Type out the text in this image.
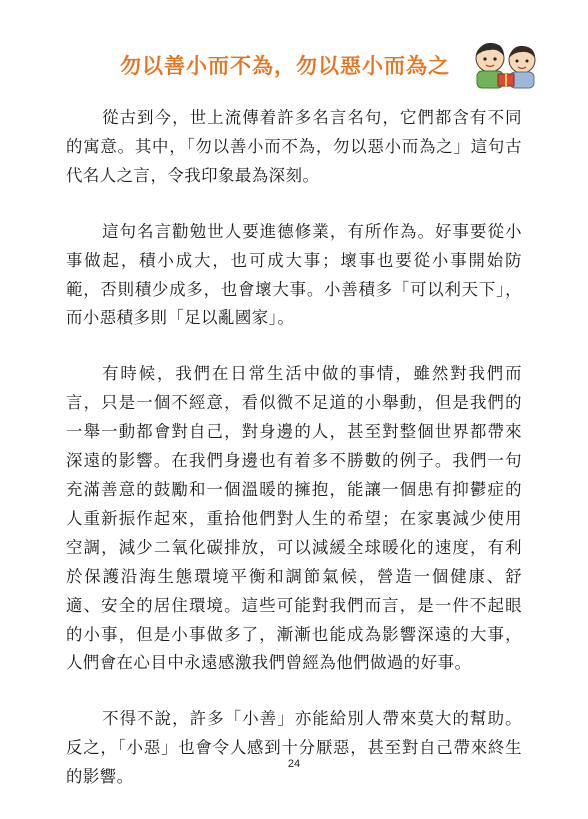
勿以善小而不為，勿以惡小而為之

從古到今，世上流傳着許多名言名句，它們都含有不同的寓意。其中，「勿以善小而不為，勿以惡小而為之」這句古代名人之言，令我印象最為深刻。

這句名言勸勉世人要進德修業，有所作為。好事要從小事做起，積小成大，也可成大事；壞事也要從小事開始防範，否則積少成多，也會壞大事。小善積多「可以利天下」，而小惡積多則「足以亂國家」。

有時候，我們在日常生活中做的事情，雖然對我們而言，只是一個不經意，看似微不足道的小舉動，但是我們的一舉一動都會對自己，對身邊的人，甚至對整個世界都帶來深遠的影響。在我們身邊也有着多不勝數的例子。我們一句充滿善意的鼓勵和一個溫暖的擁抱，能讓一個患有抑鬱症的人重新振作起來，重拾他們對人生的希望；在家裏減少使用空調，減少二氧化碳排放，可以減緩全球暖化的速度，有利於保護沿海生態環境平衡和調節氣候，營造一個健康、舒適、安全的居住環境。這些可能對我們而言，是一件不起眼的小事，但是小事做多了，漸漸也能成為影響深遠的大事，人們會在心目中永遠感激我們曾經為他們做過的好事。

不得不說，許多「小善」亦能給別人帶來莫大的幫助。反之，「小惡」也會令人感到十分厭惡，甚至對自己帶來終生的影響。

24
